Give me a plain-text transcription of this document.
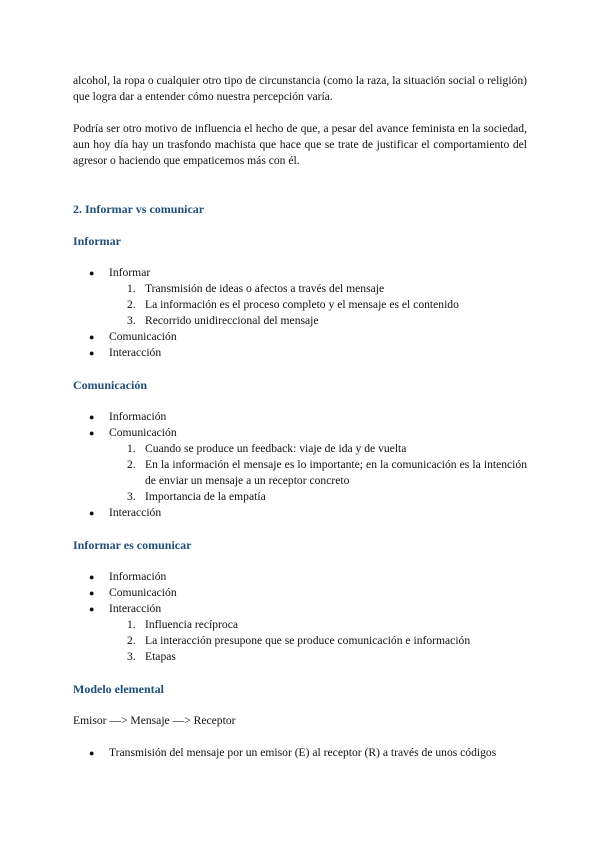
alcohol, la ropa o cualquier otro tipo de circunstancia (como la raza, la situación social o religión) que logra dar a entender cómo nuestra percepción varía.

Podría ser otro motivo de influencia el hecho de que, a pesar del avance feminista en la sociedad, aun hoy día hay un trasfondo machista que hace que se trate de justificar el comportamiento del agresor o haciendo que empaticemos más con él.

2. Informar vs comunicar
Informar
● Informar
1. Transmisión de ideas o afectos a través del mensaje
2. La información es el proceso completo y el mensaje es el contenido
3. Recorrido unidireccional del mensaje
● Comunicación
● Interacción
Comunicación
● Información
● Comunicación
1. Cuando se produce un feedback: viaje de ida y de vuelta
2. En la información el mensaje es lo importante; en la comunicación es la intención de enviar un mensaje a un receptor concreto
3. Importancia de la empatía
● Interacción
Informar es comunicar
● Información
● Comunicación
● Interacción
1. Influencia recíproca
2. La interacción presupone que se produce comunicación e información
3. Etapas
Modelo elemental

Emisor —> Mensaje —> Receptor

● Transmisión del mensaje por un emisor (E) al receptor (R) a través de unos códigos
